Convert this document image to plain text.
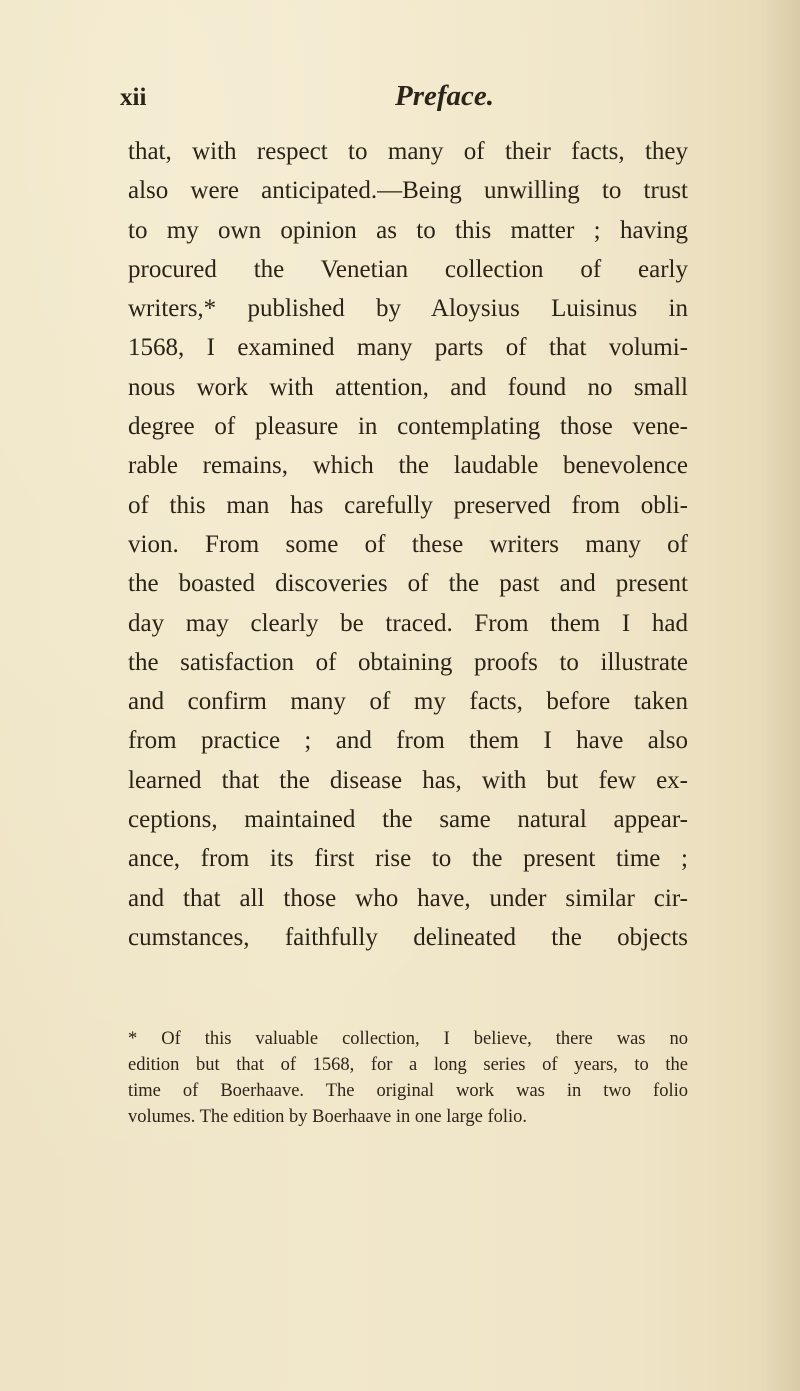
xii	Preface.
that, with respect to many of their facts, they
also were anticipated.—Being unwilling to trust
to my own opinion as to this matter ; having
procured the Venetian collection of early
writers,* published by Aloysius Luisinus in
1568, I examined many parts of that volumi-
nous work with attention, and found no small
degree of pleasure in contemplating those vene-
rable remains, which the laudable benevolence
of this man has carefully preserved from obli-
vion. From some of these writers many of
the boasted discoveries of the past and present
day may clearly be traced. From them I had
the satisfaction of obtaining proofs to illustrate
and confirm many of my facts, before taken
from practice ; and from them I have also
learned that the disease has, with but few ex-
ceptions, maintained the same natural appear-
ance, from its first rise to the present time ;
and that all those who have, under similar cir-
cumstances, faithfully delineated the objects
* Of this valuable collection, I believe, there was no
edition but that of 1568, for a long series of years, to the
time of Boerhaave. The original work was in two folio
volumes. The edition by Boerhaave in one large folio.
